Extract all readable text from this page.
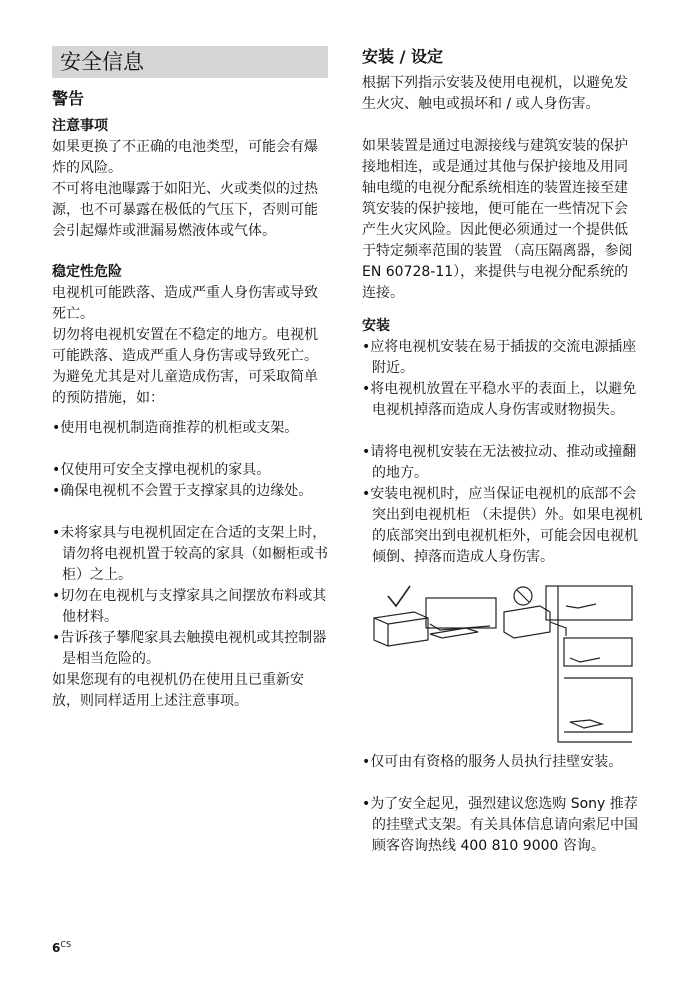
安全信息
警告
注意事项

如果更换了不正确的电池类型，可能会有爆炸的风险。

不可将电池曝露于如阳光、火或类似的过热源，也不可暴露在极低的气压下，否则可能会引起爆炸或泄漏易燃液体或气体。

稳定性危险

电视机可能跌落、造成严重人身伤害或导致死亡。

切勿将电视机安置在不稳定的地方。电视机可能跌落、造成严重人身伤害或导致死亡。为避免尤其是对儿童造成伤害，可采取简单的预防措施，如：

• 使用电视机制造商推荐的机柜或支架。
• 仅使用可安全支撑电视机的家具。
• 确保电视机不会置于支撑家具的边缘处。
• 未将家具与电视机固定在合适的支架上时，请勿将电视机置于较高的家具（如橱柜或书柜）之上。
• 切勿在电视机与支撑家具之间摆放布料或其他材料。
• 告诉孩子攀爬家具去触摸电视机或其控制器是相当危险的。

如果您现有的电视机仍在使用且已重新安放，则同样适用上述注意事项。

安装 / 设定

根据下列指示安装及使用电视机，以避免发生火灾、触电或损坏和 / 或人身伤害。

如果装置是通过电源接线与建筑安装的保护接地相连，或是通过其他与保护接地及用同轴电缆的电视分配系统相连的装置连接至建筑安装的保护接地，便可能在一些情况下会产生火灾风险。因此便必须通过一个提供低于特定频率范围的装置 （高压隔离器，参阅 EN 60728-11），来提供与电视分配系统的连接。

安装
• 应将电视机安装在易于插拔的交流电源插座附近。
• 将电视机放置在平稳水平的表面上，以避免电视机掉落而造成人身伤害或财物损失。
• 请将电视机安装在无法被拉动、推动或撞翻的地方。
• 安装电视机时，应当保证电视机的底部不会突出到电视机柜 （未提供）外。如果电视机的底部突出到电视机柜外，可能会因电视机倾倒、掉落而造成人身伤害。
• 仅可由有资格的服务人员执行挂壁安装。
• 为了安全起见，强烈建议您选购 Sony 推荐的挂壁式支架。有关具体信息请向索尼中国顾客咨询热线 400 810 9000 咨询。
$6^{CS}$
